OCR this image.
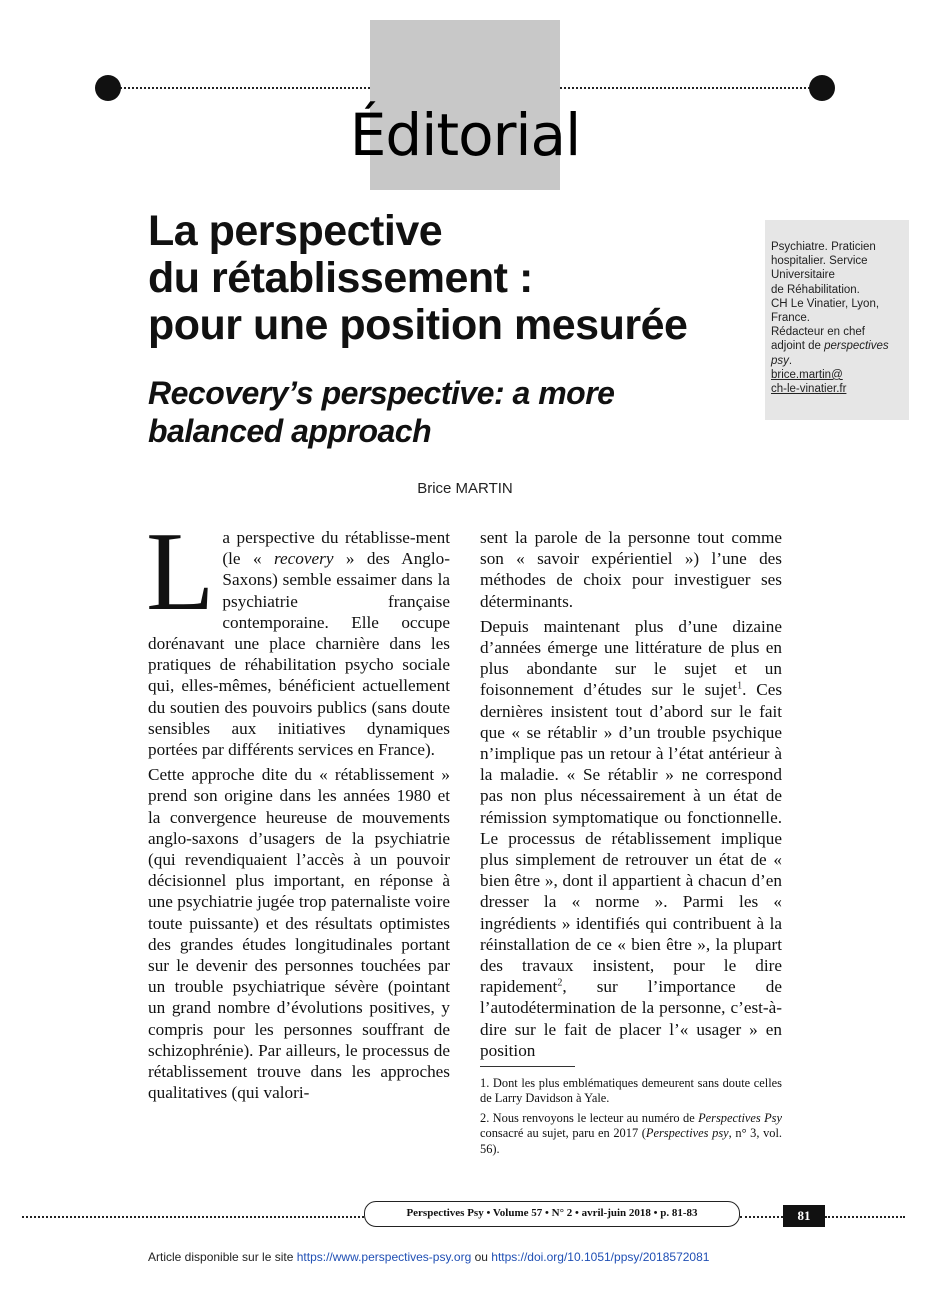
Éditorial
La perspective
du rétablissement :
pour une position mesurée
Recovery’s perspective: a more
balanced approach
Psychiatre. Praticien
hospitalier. Service
Universitaire
de Réhabilitation.
CH Le Vinatier, Lyon,
France.
Rédacteur en chef
adjoint de perspectives
psy.
brice.martin@
ch-le-vinatier.fr
Brice MARTIN

La perspective du rétablisse-ment (le « recovery » des Anglo-Saxons) semble essaimer dans la psychiatrie française contemporaine. Elle occupe dorénavant une place charnière dans les pratiques de réhabilitation psycho sociale qui, elles-mêmes, bénéficient actuellement du soutien des pouvoirs publics (sans doute sensibles aux initiatives dynamiques portées par différents services en France).

Cette approche dite du « rétablissement » prend son origine dans les années 1980 et la convergence heureuse de mouvements anglo-saxons d’usagers de la psychiatrie (qui revendiquaient l’accès à un pouvoir décisionnel plus important, en réponse à une psychiatrie jugée trop paternaliste voire toute puissante) et des résultats optimistes des grandes études longitudinales portant sur le devenir des personnes touchées par un trouble psychiatrique sévère (pointant un grand nombre d’évolutions positives, y compris pour les personnes souffrant de schizophrénie). Par ailleurs, le processus de rétablissement trouve dans les approches qualitatives (qui valori-

sent la parole de la personne tout comme son « savoir expérientiel ») l’une des méthodes de choix pour investiguer ses déterminants.

Depuis maintenant plus d’une dizaine d’années émerge une littérature de plus en plus abondante sur le sujet et un foisonnement d’études sur le sujet$^1$. Ces dernières insistent tout d’abord sur le fait que « se rétablir » d’un trouble psychique n’implique pas un retour à l’état antérieur à la maladie. « Se rétablir » ne correspond pas non plus nécessairement à un état de rémission symptomatique ou fonctionnelle. Le processus de rétablissement implique plus simplement de retrouver un état de « bien être », dont il appartient à chacun d’en dresser la « norme ». Parmi les « ingrédients » identifiés qui contribuent à la réinstallation de ce « bien être », la plupart des travaux insistent, pour le dire rapidement$^2$, sur l’importance de l’autodétermination de la personne, c’est-à-dire sur le fait de placer l’« usager » en position

1. Dont les plus emblématiques demeurent sans doute celles de Larry Davidson à Yale.

2. Nous renvoyons le lecteur au numéro de Perspectives Psy consacré au sujet, paru en 2017 (Perspectives psy, n° 3, vol. 56).

Perspectives Psy • Volume 57 • N° 2 • avril-juin 2018 • p. 81-83	81
Article disponible sur le site https://www.perspectives-psy.org ou https://doi.org/10.1051/ppsy/2018572081
